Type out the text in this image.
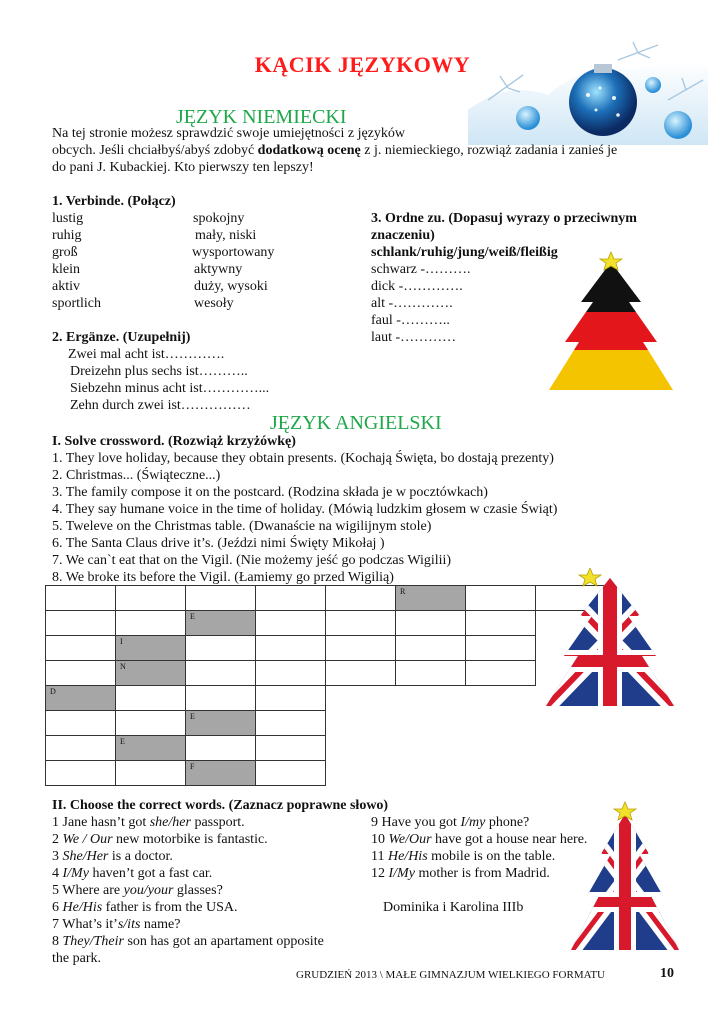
KĄCIK JĘZYKOWY
JĘZYK NIEMIECKI
Na tej stronie możesz sprawdzić swoje umiejętności z języków
obcych. Jeśli chciałbyś/abyś zdobyć dodatkową ocenę z j. niemieckiego, rozwiąż zadania i zanieś je
do pani J. Kubackiej. Kto pierwszy ten lepszy!
1. Verbinde. (Połącz)
lustig
ruhig
groß
klein
aktiv
sportlich
spokojny
mały, niski
wysportowany
aktywny
duży, wysoki
wesoły
3. Ordne zu. (Dopasuj wyrazy o przeciwnym
znaczeniu)
schlank/ruhig/jung/weiß/fleißig
schwarz -……….
dick -………….
alt -………….
faul -………..
laut -…………
2. Ergänze. (Uzupełnij)
Zwei mal acht ist………….
Dreizehn plus sechs ist………..
Siebzehn minus acht ist…………...
Zehn durch zwei ist……………
JĘZYK ANGIELSKI
I. Solve crossword. (Rozwiąż krzyżówkę)
1. They love holiday, because they obtain presents. (Kochają Święta, bo dostają prezenty)
2. Christmas... (Świąteczne...)
3. The family compose it on the postcard. (Rodzina składa je w pocztówkach)
4. They say humane voice in the time of holiday. (Mówią ludzkim głosem w czasie Świąt)
5. Tweleve on the Christmas table. (Dwanaście na wigilijnym stole)
6. The Santa Claus drive it’s. (Jeździ nimi Święty Mikołaj )
7. We can`t eat that on the Vigil. (Nie możemy jeść go podczas Wigilii)
8. We broke its before the Vigil. (Łamiemy go przed Wigilią)
R
E
I
N
D
E
E
F
II. Choose the correct words. (Zaznacz poprawne słowo)
1 Jane hasn’t got she/her passport.
2 We / Our new motorbike is fantastic.
3 She/Her is a doctor.
4 I/My haven’t got a fast car.
5 Where are you/your glasses?
6 He/His father is from the USA.
7 What’s it’s/its name?
8 They/Their son has got an apartament opposite
the park.
9 Have you got I/my phone?
10 We/Our have got a house near here.
11 He/His mobile is on the table.
12 I/My mother is from Madrid.
Dominika i Karolina IIIb
GRUDZIEŃ 2013 \ MAŁE GIMNAZJUM WIELKIEGO FORMATU	10
